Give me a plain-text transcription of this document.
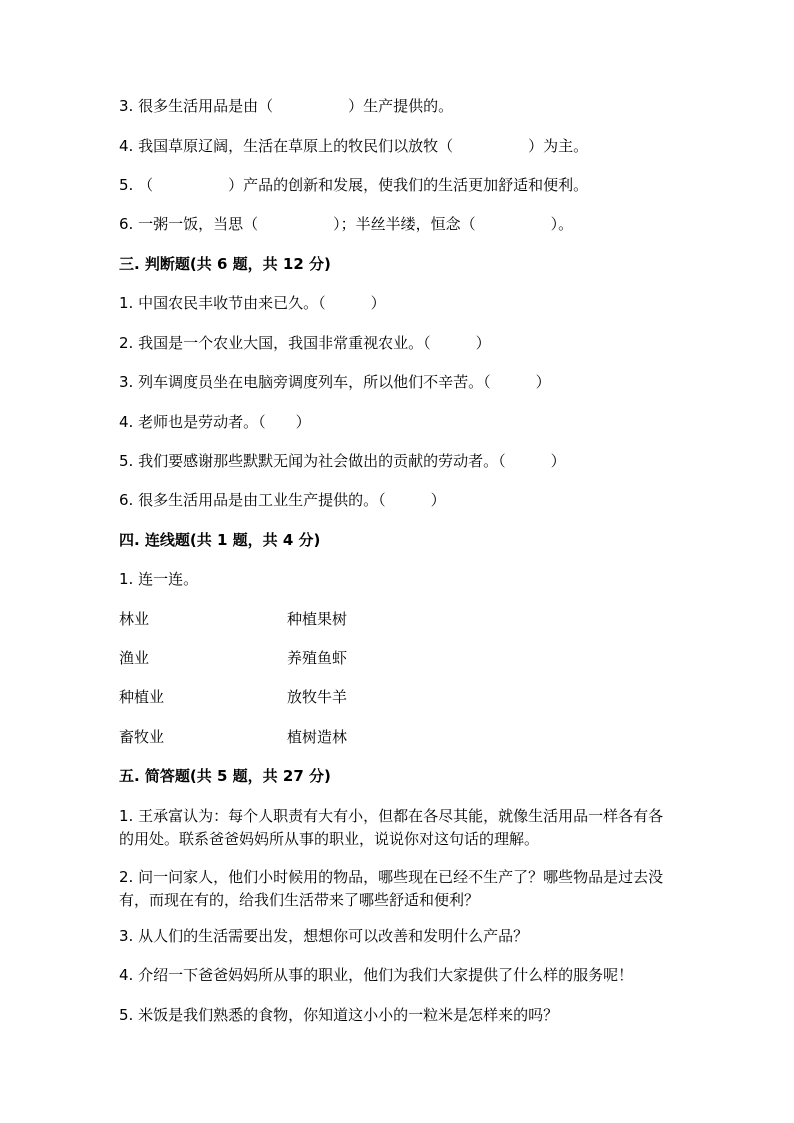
3. 很多生活用品是由（　　　　　）生产提供的。
4. 我国草原辽阔，生活在草原上的牧民们以放牧（　　　　　）为主。
5. （　　　　　）产品的创新和发展，使我们的生活更加舒适和便利。
6. 一粥一饭，当思（　　　　　）；半丝半缕，恒念（　　　　　）。
三. 判断题(共 6 题，共 12 分)
1. 中国农民丰收节由来已久。（　　　）
2. 我国是一个农业大国，我国非常重视农业。（　　　）
3. 列车调度员坐在电脑旁调度列车，所以他们不辛苦。（　　　）
4. 老师也是劳动者。（　　）
5. 我们要感谢那些默默无闻为社会做出的贡献的劳动者。（　　　）
6. 很多生活用品是由工业生产提供的。（　　　）
四. 连线题(共 1 题，共 4 分)
1. 连一连。
林业	种植果树
渔业	养殖鱼虾
种植业	放牧牛羊
畜牧业	植树造林
五. 简答题(共 5 题，共 27 分)
1. 王承富认为：每个人职责有大有小，但都在各尽其能，就像生活用品一样各有各的用处。联系爸爸妈妈所从事的职业，说说你对这句话的理解。
2. 问一问家人，他们小时候用的物品，哪些现在已经不生产了？哪些物品是过去没有，而现在有的，给我们生活带来了哪些舒适和便利？
3. 从人们的生活需要出发，想想你可以改善和发明什么产品？
4. 介绍一下爸爸妈妈所从事的职业，他们为我们大家提供了什么样的服务呢！
5. 米饭是我们熟悉的食物，你知道这小小的一粒米是怎样来的吗？
